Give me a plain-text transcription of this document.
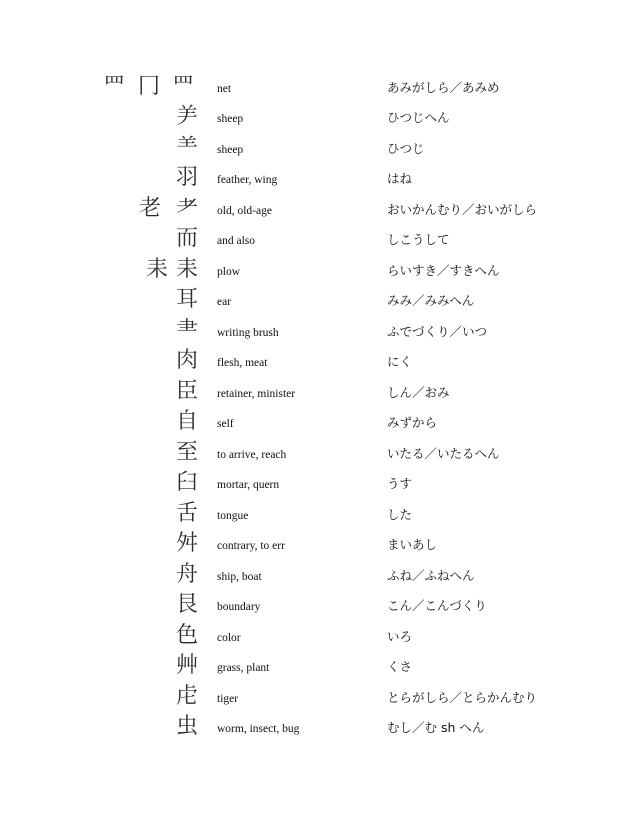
罒 冂 ⺲ net	あみがしら／あみめ
⺶ sheep	ひつじへん
⺷ sheep	ひつじ
羽 feather, wing	はね
老 ⺹ old, old-age	おいかんむり／おいがしら
而 and also	しこうして
耒 耒 plow	らいすき／すきへん
耳 ear	みみ／みみへん
⺻ writing brush	ふでづくり／いつ
肉 flesh, meat	にく
臣 retainer, minister	しん／おみ
自 self	みずから
至 to arrive, reach	いたる／いたるへん
臼 mortar, quern	うす
舌 tongue	した
舛 contrary, to err	まいあし
舟 ship, boat	ふね／ふねへん
艮 boundary	こん／こんづくり
色 color	いろ
艸 grass, plant	くさ
虍 tiger	とらがしら／とらかんむり
虫 worm, insect, bug	むし／む sh へん
